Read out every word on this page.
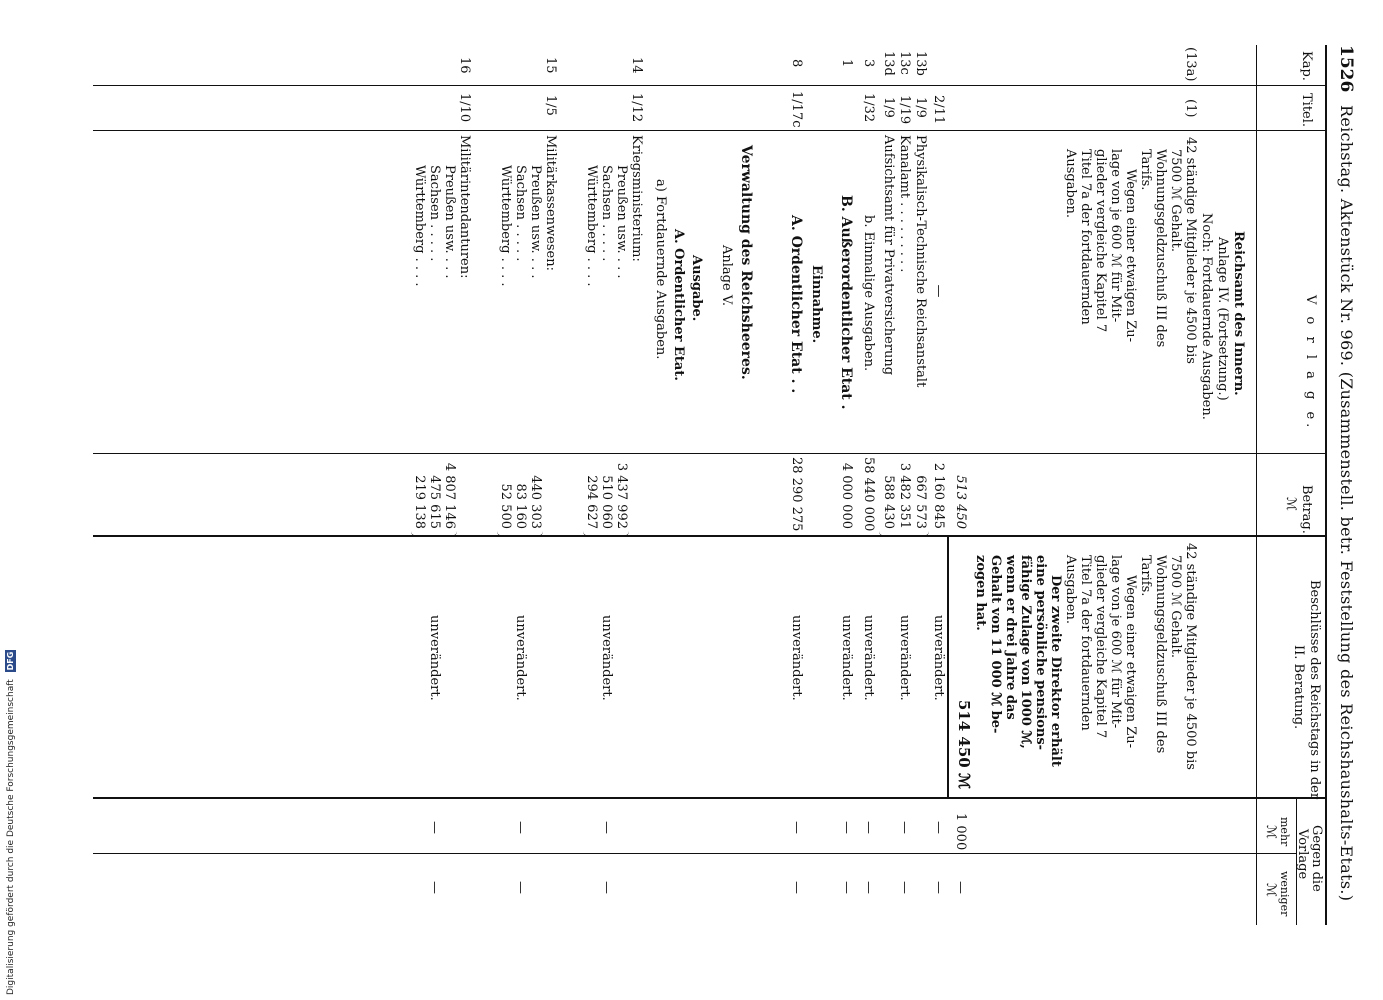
1526
Reichstag. Aktenstück Nr. 969. (Zusammenstell. betr. Feststellung des Reichshaushalts-Etats.)
Kap.
Titel.
V o r l a g e.
Betrag.
ℳ
Beschlüsse des Reichstags in der
II. Beratung.
Gegen die
Vorlage
mehr
weniger
ℳ
ℳ
Reichsamt des Innern.
Anlage IV. (Fortsetzung.)
Noch: Fortdauernde Ausgaben.
(13a)
(1)
42 ständige Mitglieder je 4500 bis
7500 ℳ Gehalt.
Wohnungsgeldzuschuß III des
Tarifs.
Wegen einer etwaigen Zu-
lage von je 600 ℳ für Mit-
glieder vergleiche Kapitel 7
Titel 7a der fortdauernden
Ausgaben.
42 ständige Mitglieder je 4500 bis
7500 ℳ Gehalt.
Wohnungsgeldzuschuß III des
Tarifs.
Wegen einer etwaigen Zu-
lage von je 600 ℳ für Mit-
glieder vergleiche Kapitel 7
Titel 7a der fortdauernden
Ausgaben.
Der zweite Direktor erhält
eine persönliche pensions-
fähige Zulage von 1000 ℳ,
wenn er drei Jahre das
Gehalt von 11 000 ℳ be-
zogen hat.
513 450
514 450 ℳ
1 000
—
2/11
—
2 160 845
unverändert.
—
—
13b
1/9
Physikalisch-Technische Reichsanstalt
667 573
13c
1/19
Kanalamt . . . . . . . . .
3 482 351
unverändert.
—
—
13d
1/9
Aufsichtsamt für Privatversicherung
588 430
3
1/32
b. Einmalige Ausgaben.
58 440 000
unverändert.
—
—
1
B. Außerordentlicher Etat .
4 000 000
unverändert.
—
—
Einnahme.
8
1/17c
A. Ordentlicher Etat . .
28 290 275
unverändert.
—
—
Verwaltung des Reichsheeres.
Anlage V.
Ausgabe.
A. Ordentlicher Etat.
a) Fortdauernde Ausgaben.
14
1/12
Kriegsministerium:
Preußen usw. . . .
3 437 992
Sachsen . . . . .
510 060
Württemberg . . . .
294 627
unverändert.
—
—
15
1/5
Militärkassenwesen:
Preußen usw. . . .
440 303
Sachsen . . . . .
83 160
Württemberg . . . .
52 500
unverändert.
—
—
16
1/10
Militärintendanturen:
Preußen usw. . . .
4 807 146
Sachsen . . . . .
475 615
Württemberg . . . .
219 138
unverändert.
—
—
Digitalisierung gefördert durch die Deutsche Forschungsgemeinschaft DFG
